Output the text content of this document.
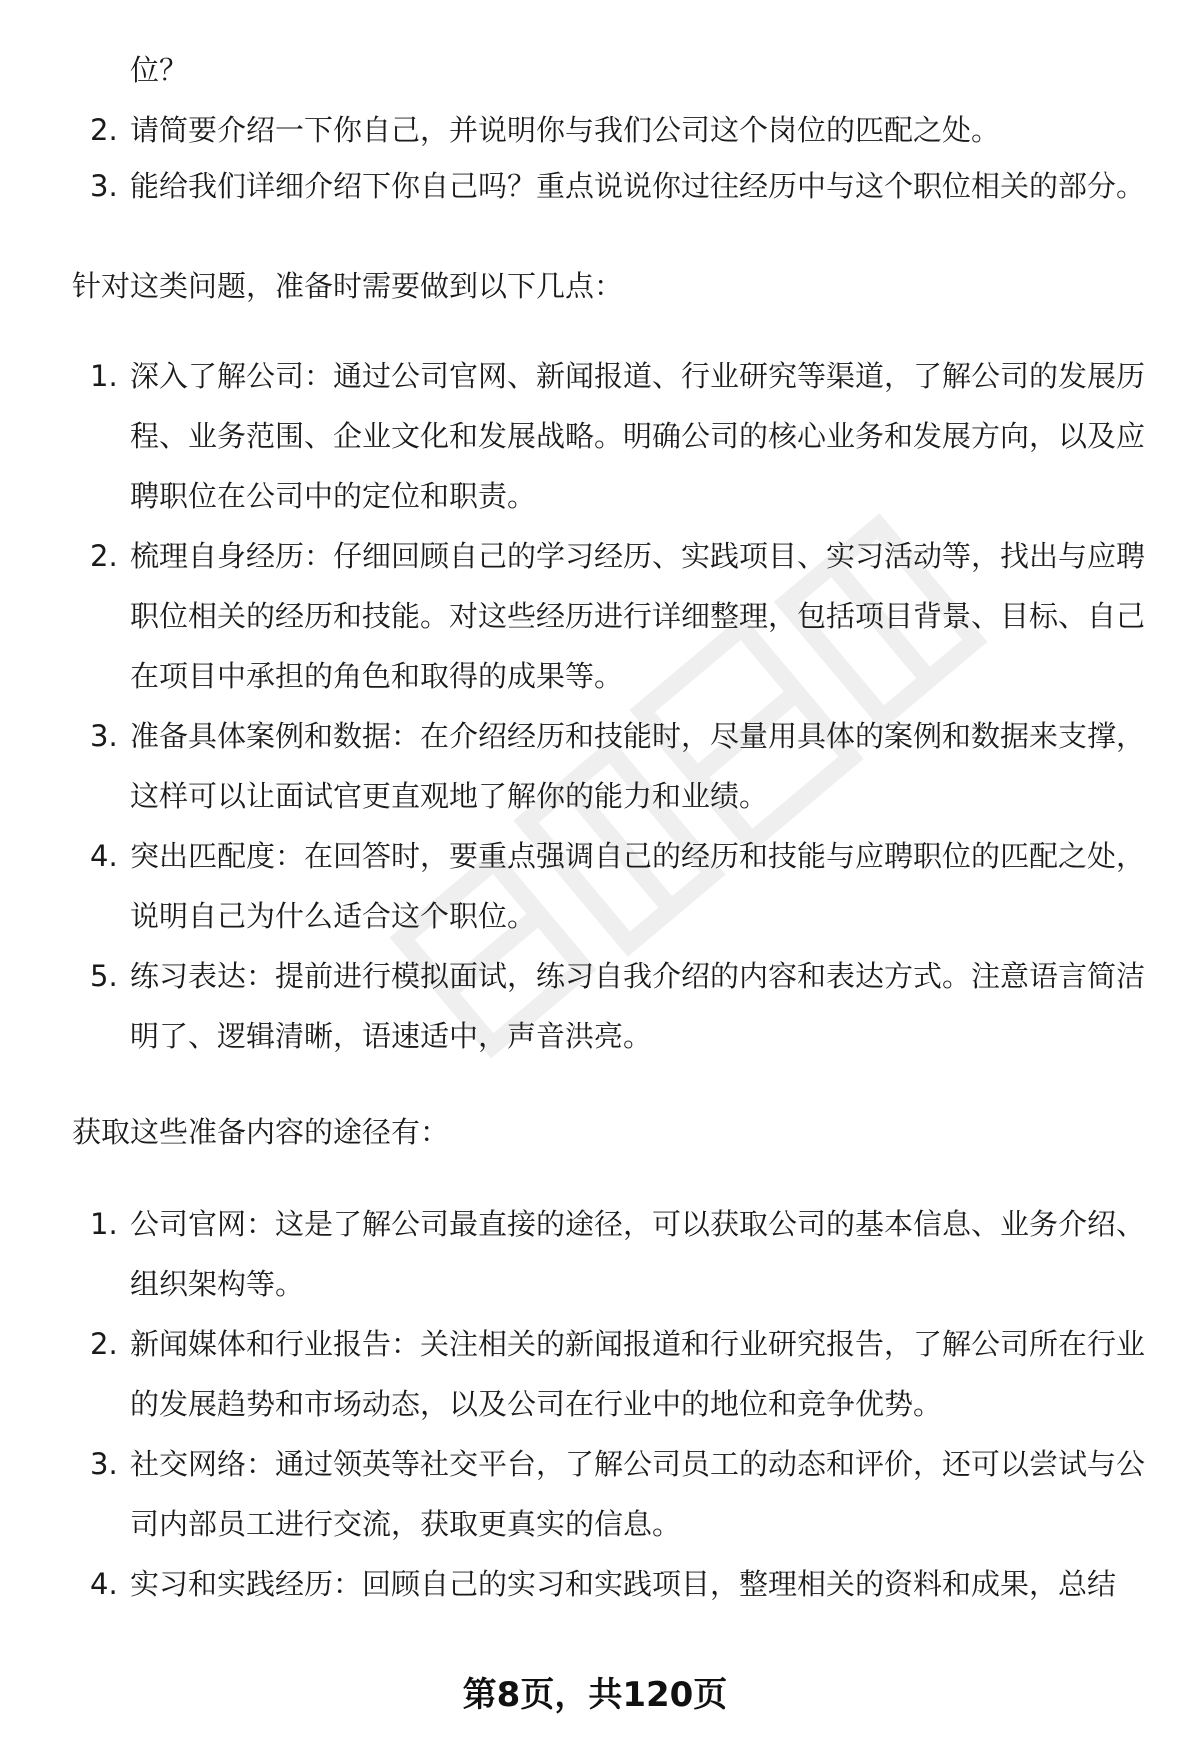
位？
2. 请简要介绍一下你自己，并说明你与我们公司这个岗位的匹配之处。
3. 能给我们详细介绍下你自己吗？重点说说你过往经历中与这个职位相关的部分。

针对这类问题，准备时需要做到以下几点：

1. 深入了解公司：通过公司官网、新闻报道、行业研究等渠道，了解公司的发展历程、业务范围、企业文化和发展战略。明确公司的核心业务和发展方向，以及应聘职位在公司中的定位和职责。
2. 梳理自身经历：仔细回顾自己的学习经历、实践项目、实习活动等，找出与应聘职位相关的经历和技能。对这些经历进行详细整理，包括项目背景、目标、自己在项目中承担的角色和取得的成果等。
3. 准备具体案例和数据：在介绍经历和技能时，尽量用具体的案例和数据来支撑，这样可以让面试官更直观地了解你的能力和业绩。
4. 突出匹配度：在回答时，要重点强调自己的经历和技能与应聘职位的匹配之处，说明自己为什么适合这个职位。
5. 练习表达：提前进行模拟面试，练习自我介绍的内容和表达方式。注意语言简洁明了、逻辑清晰，语速适中，声音洪亮。

获取这些准备内容的途径有：

1. 公司官网：这是了解公司最直接的途径，可以获取公司的基本信息、业务介绍、组织架构等。
2. 新闻媒体和行业报告：关注相关的新闻报道和行业研究报告，了解公司所在行业的发展趋势和市场动态，以及公司在行业中的地位和竞争优势。
3. 社交网络：通过领英等社交平台，了解公司员工的动态和评价，还可以尝试与公司内部员工进行交流，获取更真实的信息。
4. 实习和实践经历：回顾自己的实习和实践项目，整理相关的资料和成果，总结
第8页，共120页
